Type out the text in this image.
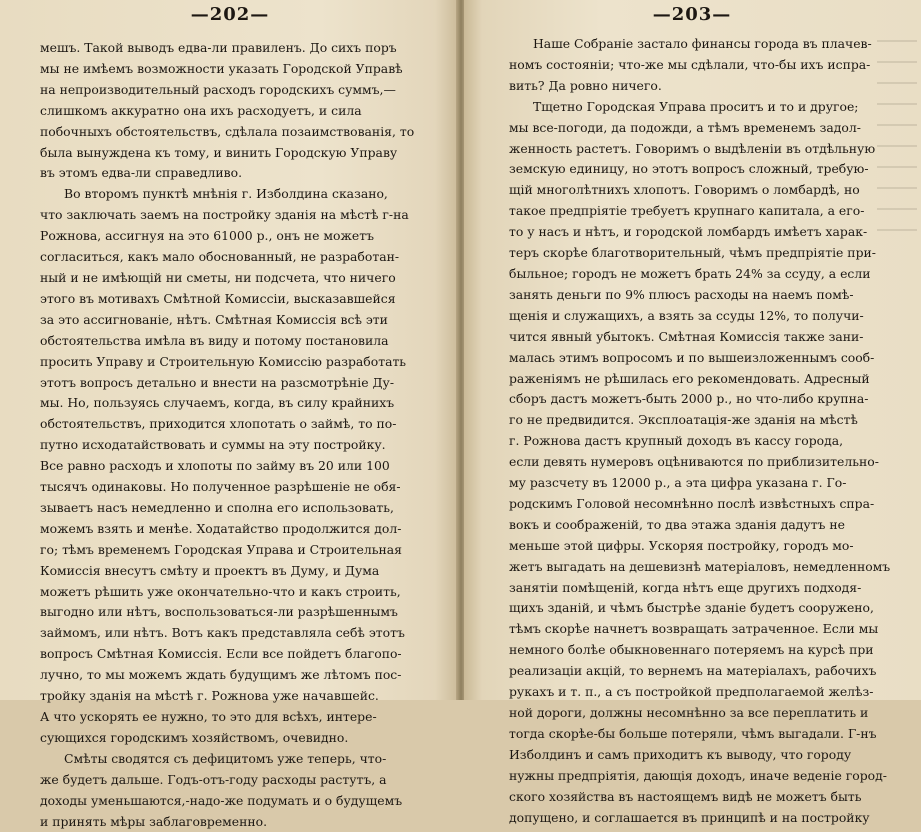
—202—
мешъ. Такой выводъ едва-ли правиленъ. До сихъ поръ
мы не имѣемъ возможности указать Городской Управѣ
на непроизводительный расходъ городскихъ суммъ,—
слишкомъ аккуратно она ихъ расходуетъ, и сила
побочныхъ обстоятельствъ, сдѣлала позаимствованія, то
была вынуждена къ тому, и винить Городскую Управу
въ этомъ едва-ли справедливо.
Во второмъ пунктѣ мнѣнія г. Изболдина сказано,
что заключать заемъ на постройку зданія на мѣстѣ г-на
Рожнова, ассигнуя на это 61000 р., онъ не можетъ
согласиться, какъ мало обоснованный, не разработан-
ный и не имѣющій ни сметы, ни подсчета, что ничего
этого въ мотивахъ Смѣтной Комиссіи, высказавшейся
за это ассигнованіе, нѣтъ. Смѣтная Комиссія всѣ эти
обстоятельства имѣла въ виду и потому постановила
просить Управу и Строительную Комиссію разработать
этотъ вопросъ детально и внести на разсмотрѣніе Ду-
мы. Но, пользуясь случаемъ, когда, въ силу крайнихъ
обстоятельствъ, приходится хлопотать о займѣ, то по-
путно исходатайствовать и суммы на эту постройку.
Все равно расходъ и хлопоты по займу въ 20 или 100
тысячъ одинаковы. Но полученное разрѣшеніе не обя-
зываетъ насъ немедленно и сполна его использовать,
можемъ взять и менѣе. Ходатайство продолжится дол-
го; тѣмъ временемъ Городская Управа и Строительная
Комиссія внесутъ смѣту и проектъ въ Думу, и Дума
можетъ рѣшить уже окончательно-что и какъ строить,
выгодно или нѣтъ, воспользоваться-ли разрѣшеннымъ
займомъ, или нѣтъ. Вотъ какъ представляла себѣ этотъ
вопросъ Смѣтная Комиссія. Если все пойдетъ благопо-
лучно, то мы можемъ ждать будущимъ же лѣтомъ пос-
тройку зданія на мѣстѣ г. Рожнова уже начавшейс.
А что ускорять ее нужно, то это для всѣхъ, интере-
сующихся городскимъ хозяйствомъ, очевидно.
Смѣты сводятся съ дефицитомъ уже теперь, что-
же будетъ дальше. Годъ-отъ-году расходы растутъ, а
доходы уменьшаются,-надо-же подумать и о будущемъ
и принять мѣры заблаговременно.
—203—
Наше Собраніе застало финансы города въ плачев-
номъ состояніи; что-же мы сдѣлали, что-бы ихъ испра-
вить? Да ровно ничего.
Тщетно Городская Управа проситъ и то и другое;
мы все-погоди, да подожди, а тѣмъ временемъ задол-
женность растетъ. Говоримъ о выдѣленіи въ отдѣльную
земскую единицу, но этотъ вопросъ сложный, требую-
щій многолѣтнихъ хлопотъ. Говоримъ о ломбардѣ, но
такое предпріятіе требуетъ крупнаго капитала, а его-
то у насъ и нѣтъ, и городской ломбардъ имѣетъ харак-
теръ скорѣе благотворительный, чѣмъ предпріятіе при-
быльное; городъ не можетъ брать 24% за ссуду, а если
занять деньги по 9% плюсъ расходы на наемъ помѣ-
щенія и служащихъ, а взять за ссуды 12%, то получи-
чится явный убытокъ. Смѣтная Комиссія также зани-
малась этимъ вопросомъ и по вышеизложеннымъ сооб-
раженіямъ не рѣшилась его рекомендовать. Адресный
сборъ дастъ можетъ-быть 2000 р., но что-либо крупна-
го не предвидится. Эксплоатація-же зданія на мѣстѣ
г. Рожнова дастъ крупный доходъ въ кассу города,
если девять нумеровъ оцѣниваются по приблизительно-
му разсчету въ 12000 р., а эта цифра указана г. Го-
родскимъ Головой несомнѣнно послѣ извѣстныхъ спра-
вокъ и соображеній, то два этажа зданія дадутъ не
меньше этой цифры. Ускоряя постройку, городъ мо-
жетъ выгадать на дешевизнѣ матеріаловъ, немедленномъ
занятіи помѣщеній, когда нѣтъ еще другихъ подходя-
щихъ зданій, и чѣмъ быстрѣе зданіе будетъ сооружено,
тѣмъ скорѣе начнетъ возвращать затраченное. Если мы
немного болѣе обыкновеннаго потеряемъ на курсѣ при
реализаціи акцій, то вернемъ на матеріалахъ, рабочихъ
рукахъ и т. п., а съ постройкой предполагаемой желѣз-
ной дороги, должны несомнѣнно за все переплатить и
тогда скорѣе-бы больше потеряли, чѣмъ выгадали. Г-нъ
Изболдинъ и самъ приходитъ къ выводу, что городу
нужны предпріятія, дающія доходъ, иначе веденіе город-
ского хозяйства въ настоящемъ видѣ не можетъ быть
допущено, и соглашается въ принципѣ и на постройку
